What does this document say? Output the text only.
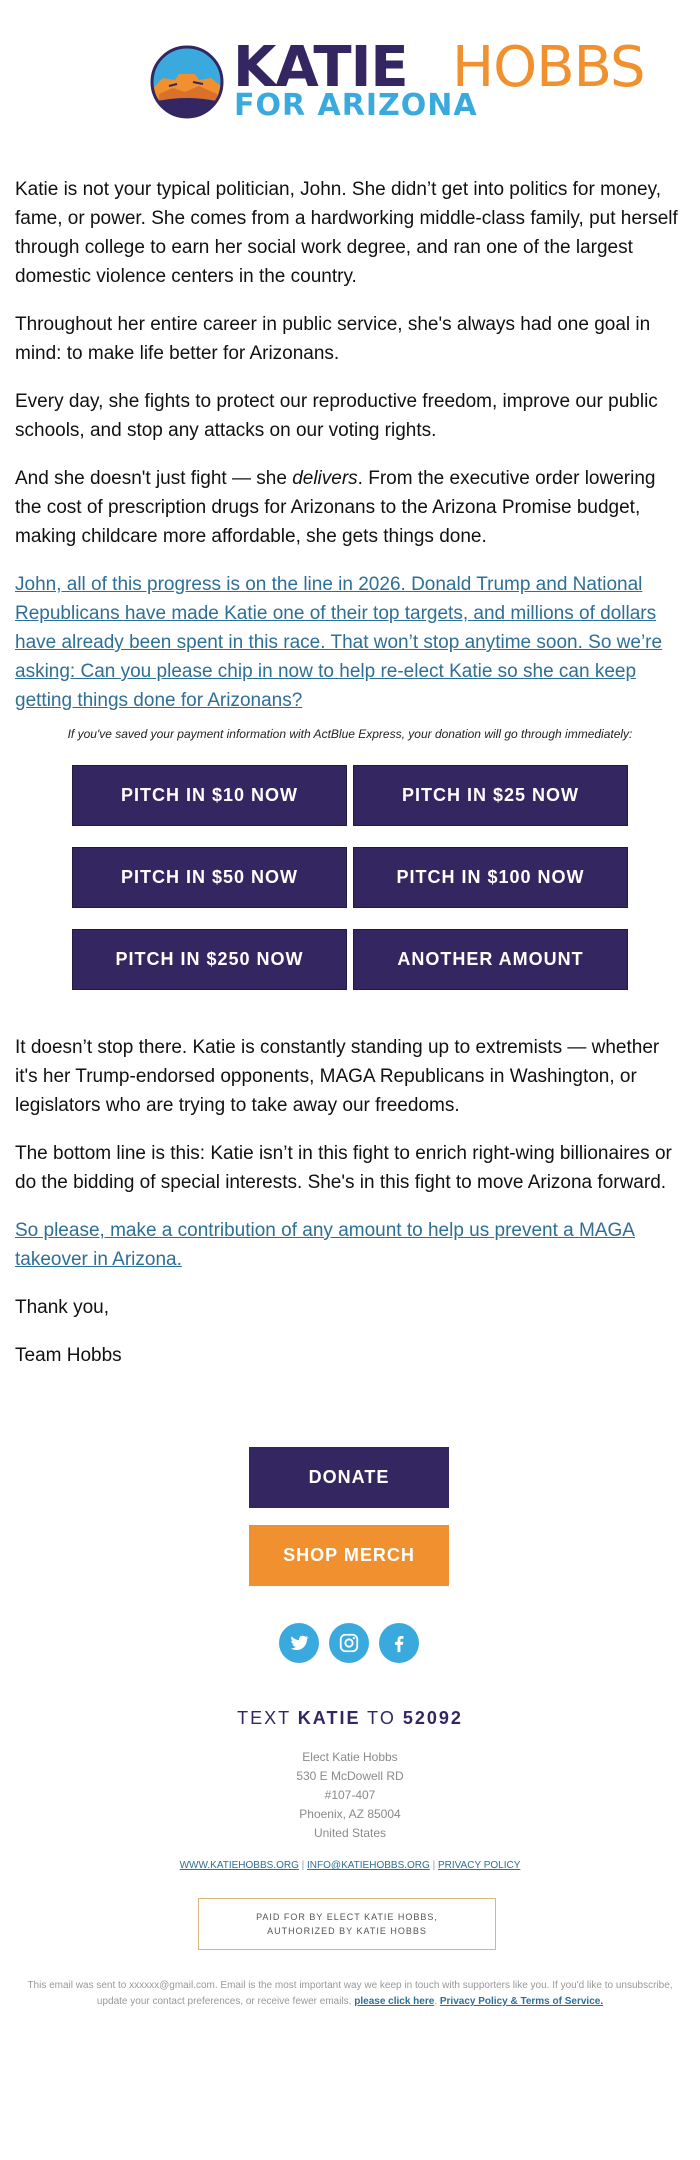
KATIE HOBBS
FOR ARIZONA

Katie is not your typical politician, John. She didn’t get into politics for money, fame, or power. She comes from a hardworking middle-class family, put herself through college to earn her social work degree, and ran one of the largest domestic violence centers in the country.

Throughout her entire career in public service, she's always had one goal in mind: to make life better for Arizonans.

Every day, she fights to protect our reproductive freedom, improve our public schools, and stop any attacks on our voting rights.

And she doesn't just fight — she delivers. From the executive order lowering the cost of prescription drugs for Arizonans to the Arizona Promise budget, making childcare more affordable, she gets things done.

John, all of this progress is on the line in 2026. Donald Trump and National Republicans have made Katie one of their top targets, and millions of dollars have already been spent in this race. That won’t stop anytime soon. So we’re asking: Can you please chip in now to help re-elect Katie so she can keep getting things done for Arizonans?

If you've saved your payment information with ActBlue Express, your donation will go through immediately:
PITCH IN $10 NOW	PITCH IN $25 NOW
PITCH IN $50 NOW	PITCH IN $100 NOW
PITCH IN $250 NOW	ANOTHER AMOUNT

It doesn’t stop there. Katie is constantly standing up to extremists — whether it's her Trump-endorsed opponents, MAGA Republicans in Washington, or legislators who are trying to take away our freedoms.

The bottom line is this: Katie isn’t in this fight to enrich right-wing billionaires or do the bidding of special interests. She's in this fight to move Arizona forward.

So please, make a contribution of any amount to help us prevent a MAGA takeover in Arizona.

Thank you,

Team Hobbs

DONATE
SHOP MERCH
TEXT KATIE TO 52092
Elect Katie Hobbs
530 E McDowell RD
#107-407
Phoenix, AZ 85004
United States
WWW.KATIEHOBBS.ORG | INFO@KATIEHOBBS.ORG | PRIVACY POLICY
PAID FOR BY ELECT KATIE HOBBS,
AUTHORIZED BY KATIE HOBBS
This email was sent to xxxxxx@gmail.com. Email is the most important way we keep in touch with supporters like you. If you'd like to unsubscribe, update your contact preferences, or receive fewer emails, please click here. Privacy Policy & Terms of Service.
